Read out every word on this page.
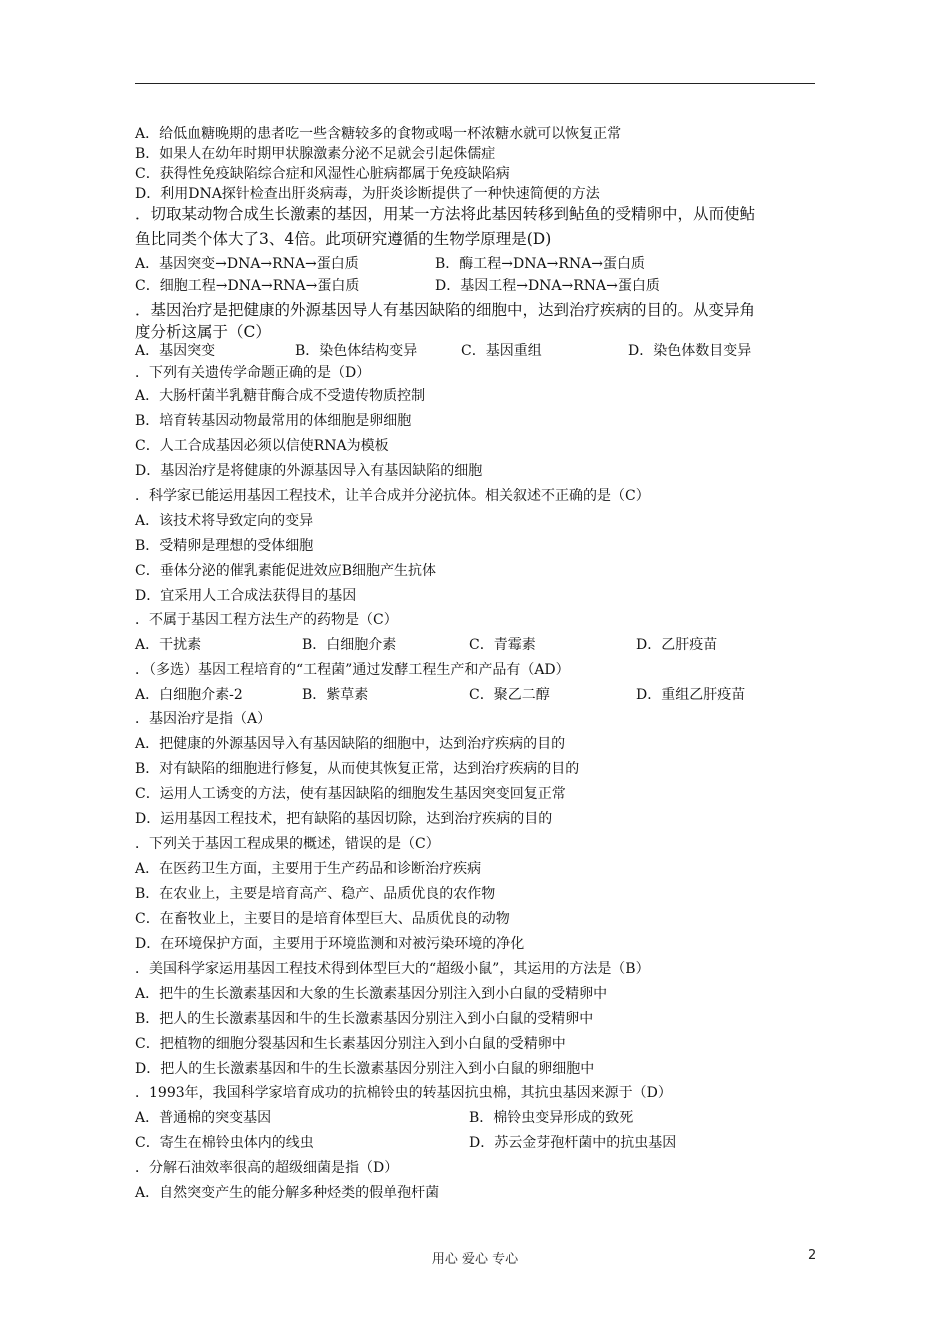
A．给低血糖晚期的患者吃一些含糖较多的食物或喝一杯浓糖水就可以恢复正常
B．如果人在幼年时期甲状腺激素分泌不足就会引起侏儒症
C．获得性免疫缺陷综合症和风湿性心脏病都属于免疫缺陷病
D．利用DNA探针检查出肝炎病毒，为肝炎诊断提供了一种快速简便的方法
．切取某动物合成生长激素的基因，用某一方法将此基因转移到鲇鱼的受精卵中，从而使鲇
鱼比同类个体大了3、4倍。此项研究遵循的生物学原理是(D)
A．基因突变→DNA→RNA→蛋白质	B．酶工程→DNA→RNA→蛋白质
C．细胞工程→DNA→RNA→蛋白质	D．基因工程→DNA→RNA→蛋白质
．基因治疗是把健康的外源基因导人有基因缺陷的细胞中，达到治疗疾病的目的。从变异角
度分析这属于（C）
A．基因突变	B．染色体结构变异	C．基因重组	D．染色体数目变异
．下列有关遗传学命题正确的是（D）
A．大肠杆菌半乳糖苷酶合成不受遗传物质控制
B．培育转基因动物最常用的体细胞是卵细胞
C．人工合成基因必须以信使RNA为模板
D．基因治疗是将健康的外源基因导入有基因缺陷的细胞
．科学家已能运用基因工程技术，让羊合成并分泌抗体。相关叙述不正确的是（C）
A．该技术将导致定向的变异
B．受精卵是理想的受体细胞
C．垂体分泌的催乳素能促进效应B细胞产生抗体
D．宜采用人工合成法获得目的基因
．不属于基因工程方法生产的药物是（C）
A．干扰素	B．白细胞介素	C．青霉素	D．乙肝疫苗
．（多选）基因工程培育的“工程菌”通过发酵工程生产和产品有（AD）
A．白细胞介素-2	B．紫草素	C．聚乙二醇	D．重组乙肝疫苗
．基因治疗是指（A）
A．把健康的外源基因导入有基因缺陷的细胞中，达到治疗疾病的目的
B．对有缺陷的细胞进行修复，从而使其恢复正常，达到治疗疾病的目的
C．运用人工诱变的方法，使有基因缺陷的细胞发生基因突变回复正常
D．运用基因工程技术，把有缺陷的基因切除，达到治疗疾病的目的
．下列关于基因工程成果的概述，错误的是（C）
A．在医药卫生方面，主要用于生产药品和诊断治疗疾病
B．在农业上，主要是培育高产、稳产、品质优良的农作物
C．在畜牧业上，主要目的是培育体型巨大、品质优良的动物
D．在环境保护方面，主要用于环境监测和对被污染环境的净化
．美国科学家运用基因工程技术得到体型巨大的“超级小鼠”，其运用的方法是（B）
A．把牛的生长激素基因和大象的生长激素基因分别注入到小白鼠的受精卵中
B．把人的生长激素基因和牛的生长激素基因分别注入到小白鼠的受精卵中
C．把植物的细胞分裂基因和生长素基因分别注入到小白鼠的受精卵中
D．把人的生长激素基因和牛的生长激素基因分别注入到小白鼠的卵细胞中
．1993年，我国科学家培育成功的抗棉铃虫的转基因抗虫棉，其抗虫基因来源于（D）
A．普通棉的突变基因	B．棉铃虫变异形成的致死
C．寄生在棉铃虫体内的线虫	D．苏云金芽孢杆菌中的抗虫基因
．分解石油效率很高的超级细菌是指（D）
A．自然突变产生的能分解多种烃类的假单孢杆菌
用心 爱心 专心	2
